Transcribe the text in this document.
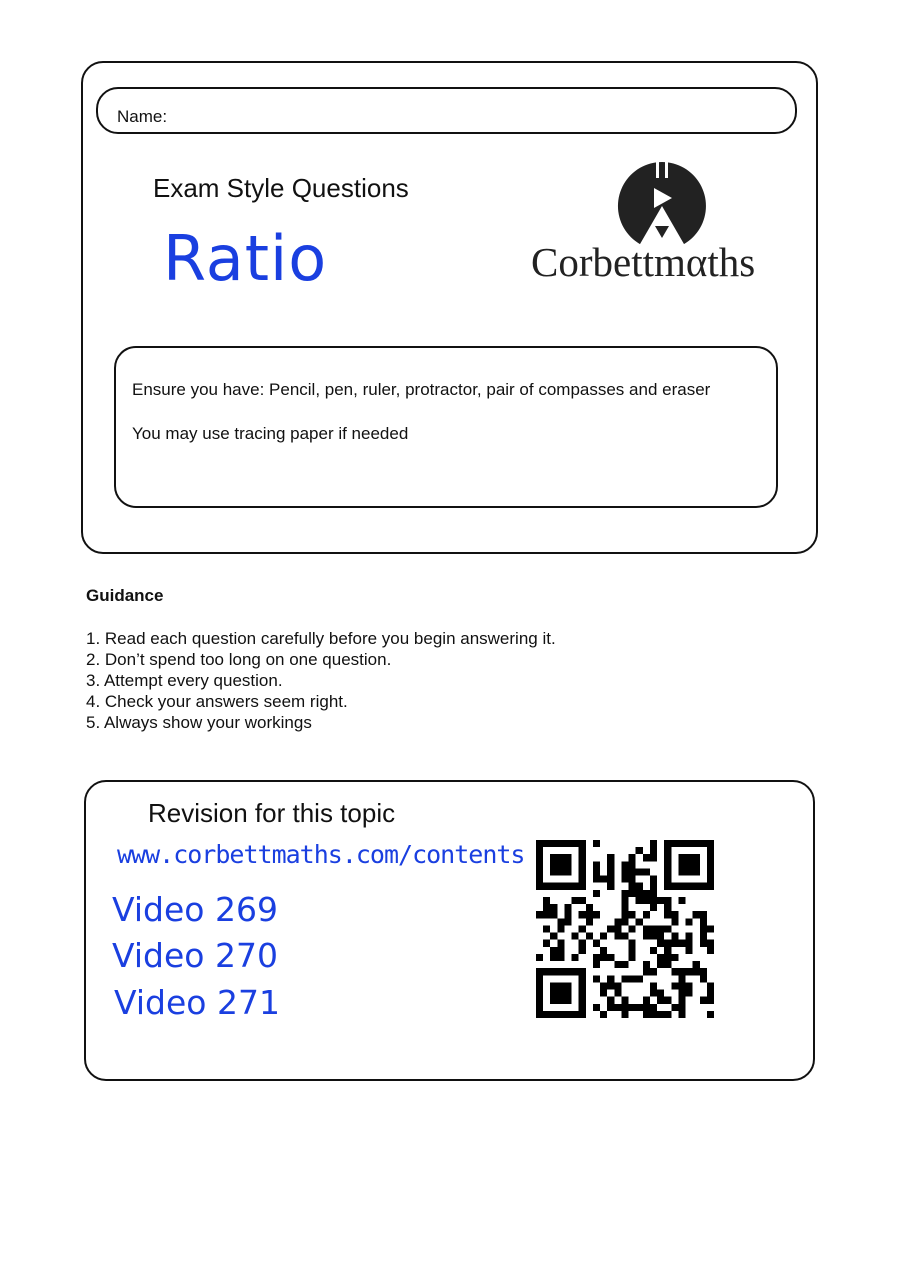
Name:
Exam Style Questions
Ratio	Corbettmαths
Ensure you have: Pencil, pen, ruler, protractor, pair of compasses and eraser
You may use tracing paper if needed
Guidance
1. Read each question carefully before you begin answering it.
2. Don’t spend too long on one question.
3. Attempt every question.
4. Check your answers seem right.
5. Always show your workings
Revision for this topic
www.corbettmaths.com/contents
Video 269
Video 270
Video 271
